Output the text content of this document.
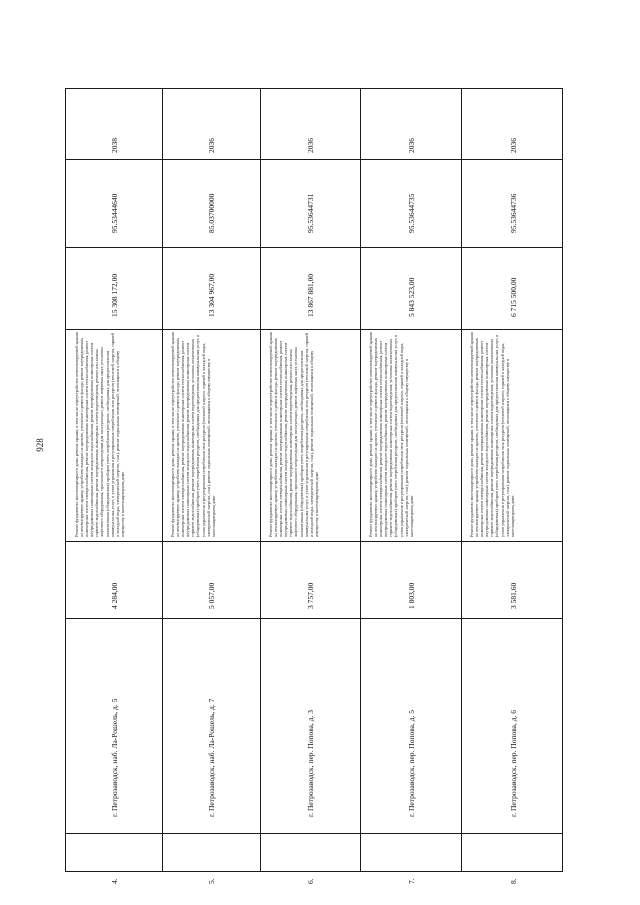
928
2038
95.53444640
15 308 172,00
Ремонт фундамента многоквартирного дома, ремонт крыши, в том числе переустройство невентилируемой крыши на вентилируемую крышу, устройство выходов на кровлю, утепление и ремонт фасада, ремонт внутридомовых инженерных систем электроснабжения, ремонт внутридомовых инженерных систем теплоснабжения, ремонт внутридомовых инженерных систем холодного водоснабжения, ремонт внутридомовых инженерных систем горячего водоснабжения, ремонт внутридомовых инженерных систем водоотведения, ремонт или замена лифтового оборудования, признанного непригодным для эксплуатации, ремонт лифтовых шахт, установка коллективных (общедомовых) приборов учета потребления ресурсов, необходимых для предоставления коммунальных услуг, и узлов управления и регулирования потребления этих ресурсов (тепловой энергии, горячей и холодной воды, электрической энергии, газа), ремонт подвальных помещений, относящихся к общему имуществу в многоквартирном доме
4 284,00
г. Петрозаводск, наб. Ла-Рошель, д. 5
4.
2036
85.03700000
13 304 967,00
Ремонт фундамента многоквартирного дома, ремонт крыши, в том числе переустройство невентилируемой крыши на вентилируемую крышу, устройство выходов на кровлю, утепление и ремонт фасада, ремонт внутридомовых инженерных систем электроснабжения, ремонт внутридомовых инженерных систем теплоснабжения, ремонт внутридомовых инженерных систем холодного водоснабжения, ремонт внутридомовых инженерных систем горячего водоснабжения, ремонт внутридомовых инженерных систем водоотведения, установка коллективных (общедомовых) приборов учета потребления ресурсов, необходимых для предоставления коммунальных услуг, и узлов управления и регулирования потребления этих ресурсов (тепловой энергии, горячей и холодной воды, электрической энергии, газа), ремонт подвальных помещений, относящихся к общему имуществу в многоквартирном доме
5 057,00
г. Петрозаводск, наб. Ла-Рошель, д. 7
5.
2036
95.53644731
13 867 881,00
Ремонт фундамента многоквартирного дома, ремонт крыши, в том числе переустройство невентилируемой крыши на вентилируемую крышу, устройство выходов на кровлю, утепление и ремонт фасада, ремонт внутридомовых инженерных систем электроснабжения, ремонт внутридомовых инженерных систем теплоснабжения, ремонт внутридомовых инженерных систем холодного водоснабжения, ремонт внутридомовых инженерных систем горячего водоснабжения, ремонт внутридомовых инженерных систем водоотведения, ремонт или замена лифтового оборудования, признанного непригодным для эксплуатации, ремонт лифтовых шахт, установка коллективных (общедомовых) приборов учета потребления ресурсов, необходимых для предоставления коммунальных услуг, и узлов управления и регулирования потребления этих ресурсов (тепловой энергии, горячей и холодной воды, электрической энергии, газа), ремонт подвальных помещений, относящихся к общему имуществу в многоквартирном доме
3 757,00
г. Петрозаводск, пер. Попова, д. 3
6.
2036
95.53644735
5 843 523,00
Ремонт фундамента многоквартирного дома, ремонт крыши, в том числе переустройство невентилируемой крыши на вентилируемую крышу, устройство выходов на кровлю, утепление и ремонт фасада, ремонт внутридомовых инженерных систем электроснабжения, ремонт внутридомовых инженерных систем теплоснабжения, ремонт внутридомовых инженерных систем холодного водоснабжения, ремонт внутридомовых инженерных систем горячего водоснабжения, ремонт внутридомовых инженерных систем водоотведения, установка коллективных (общедомовых) приборов учета потребления ресурсов, необходимых для предоставления коммунальных услуг, и узлов управления и регулирования потребления этих ресурсов (тепловой энергии, горячей и холодной воды, электрической энергии, газа), ремонт подвальных помещений, относящихся к общему имуществу в многоквартирном доме
1 803,00
г. Петрозаводск, пер. Попова, д. 5
7.
2036
95.53644736
6 715 500,00
Ремонт фундамента многоквартирного дома, ремонт крыши, в том числе переустройство невентилируемой крыши на вентилируемую крышу, устройство выходов на кровлю, утепление и ремонт фасада, ремонт внутридомовых инженерных систем электроснабжения, ремонт внутридомовых инженерных систем теплоснабжения, ремонт внутридомовых инженерных систем холодного водоснабжения, ремонт внутридомовых инженерных систем горячего водоснабжения, ремонт внутридомовых инженерных систем водоотведения, установка коллективных (общедомовых) приборов учета потребления ресурсов, необходимых для предоставления коммунальных услуг, и узлов управления и регулирования потребления этих ресурсов (тепловой энергии, горячей и холодной воды, электрической энергии, газа), ремонт подвальных помещений, относящихся к общему имуществу в многоквартирном доме
3 581,60
г. Петрозаводск, пер. Попова, д. 6
8.
